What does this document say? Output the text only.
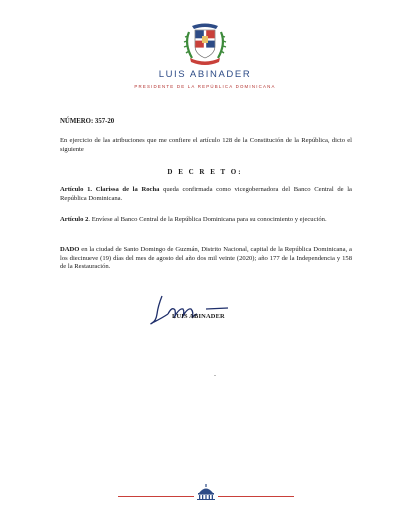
LUIS ABINADER
PRESIDENTE DE LA REPÚBLICA DOMINICANA
NÚMERO: 357-20
En ejercicio de las atribuciones que me confiere el artículo 128 de la Constitución de la República, dicto el siguiente
D E C R E T O:
Artículo 1. Clarissa de la Rocha queda confirmada como vicegobernadora del Banco Central de la República Dominicana.
Artículo 2. Envíese al Banco Central de la República Dominicana para su conocimiento y ejecución.
DADO en la ciudad de Santo Domingo de Guzmán, Distrito Nacional, capital de la República Dominicana, a los diecinueve (19) días del mes de agosto del año dos mil veinte (2020); año 177 de la Independencia y 158 de la Restauración.
LUIS ABINADER
